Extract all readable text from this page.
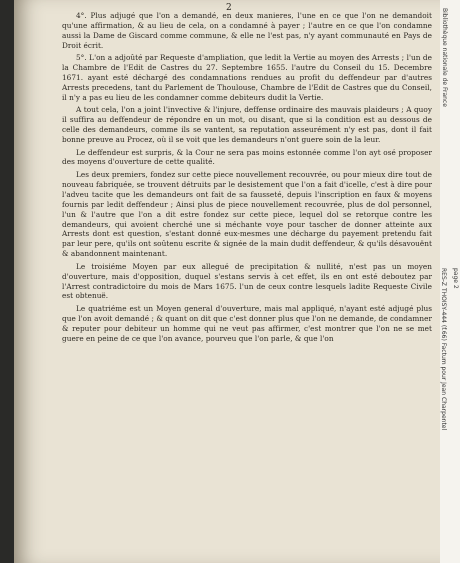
2

4°. Plus adjugé que l'on a demandé, en deux manieres, l'une en ce que l'on ne demandoit qu'une affirmation, & au lieu de cela, on a condamné à payer ; l'autre en ce que l'on condamne aussi la Dame de Giscard comme commune, & elle ne l'est pas, n'y ayant communauté en Pays de Droit écrit.

5°. L'on a adjoûté par Requeste d'ampliation, que ledit la Vertie au moyen des Arrests ; l'un de la Chambre de l'Edit de Castres du 27. Septembre 1655. l'autre du Conseil du 15. Decembre 1671. ayant esté déchargé des condamnations rendues au profit du deffendeur par d'autres Arrests precedens, tant du Parlement de Thoulouse, Chambre de l'Edit de Castres que du Conseil, il n'y a pas eu lieu de les condamner comme debiteurs dudit la Vertie.

A tout cela, l'on a joint l'invective & l'injure, deffense ordinaire des mauvais plaideurs ; A quoy il suffira au deffendeur de répondre en un mot, ou disant, que si la condition est au dessous de celle des demandeurs, comme ils se vantent, sa reputation asseurément n'y est pas, dont il fait bonne preuve au Procez, où il se voit que les demandeurs n'ont guere soin de la leur.

Le deffendeur est surpris, & la Cour ne sera pas moins estonnée comme l'on ayt osé proposer des moyens d'ouverture de cette qualité.

Les deux premiers, fondez sur cette piece nouvellement recouvrée, ou pour mieux dire tout de nouveau fabriquée, se trouvent détruits par le desistement que l'on a fait d'icelle, c'est à dire pour l'adveu tacite que les demandeurs ont fait de sa fausseté, depuis l'inscription en faux & moyens fournis par ledit deffendeur ; Ainsi plus de piece nouvellement recouvrée, plus de dol personnel, l'un & l'autre que l'on a dit estre fondez sur cette piece, lequel dol se retorque contre les demandeurs, qui avoient cherché une si méchante voye pour tascher de donner atteinte aux Arrests dont est question, s'estant donné eux-mesmes une décharge du payement pretendu fait par leur pere, qu'ils ont soûtenu escrite & signée de la main dudit deffendeur, & qu'ils désavouënt & abandonnent maintenant.

Le troisiéme Moyen par eux allegué de precipitation & nullité, n'est pas un moyen d'ouverture, mais d'opposition, duquel s'estans servis à cet effet, ils en ont esté deboutez par l'Arrest contradictoire du mois de Mars 1675. l'un de ceux contre lesquels ladite Requeste Civile est obtenuë.

Le quatriéme est un Moyen general d'ouverture, mais mal appliqué, n'ayant esté adjugé plus que l'on avoit demandé ; & quant on dit que c'est donner plus que l'on ne demande, de condamner & reputer pour debiteur un homme qui ne veut pas affirmer, c'est montrer que l'on ne se met guere en peine de ce que l'on avance, pourveu que l'on parle, & que l'on

Bibliothèque nationale de France
RES-Z THOISY-444 (f.66) Factum pour Jean Charpentel page 2
